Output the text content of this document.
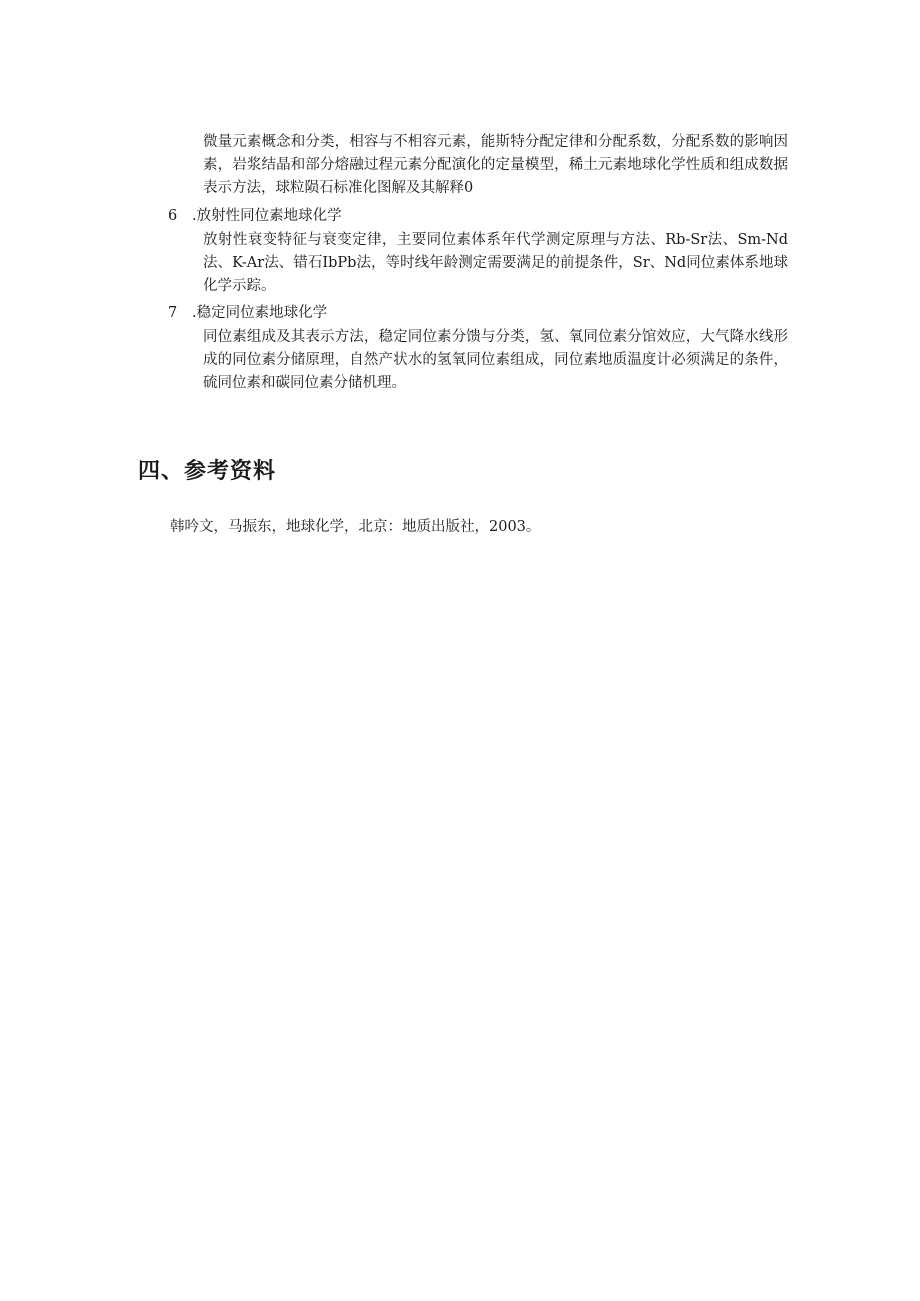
微量元素概念和分类，相容与不相容元素，能斯特分配定律和分配系数，分配系数的影响因素，岩浆结晶和部分熔融过程元素分配演化的定量模型，稀土元素地球化学性质和组成数据表示方法，球粒陨石标准化图解及其解释0

6 .放射性同位素地球化学

放射性衰变特征与衰变定律，主要同位素体系年代学测定原理与方法、Rb-Sr法、Sm-Nd法、K-Ar法、错石IbPb法，等时线年龄测定需要满足的前提条件，Sr、Nd同位素体系地球化学示踪。

7 .稳定同位素地球化学

同位素组成及其表示方法，稳定同位素分馈与分类，氢、氧同位素分馆效应，大气降水线形成的同位素分储原理，自然产状水的氢氧同位素组成，同位素地质温度计必须满足的条件，硫同位素和碳同位素分储机理。

四、参考资料

韩吟文，马振东，地球化学，北京：地质出版社，2003。
